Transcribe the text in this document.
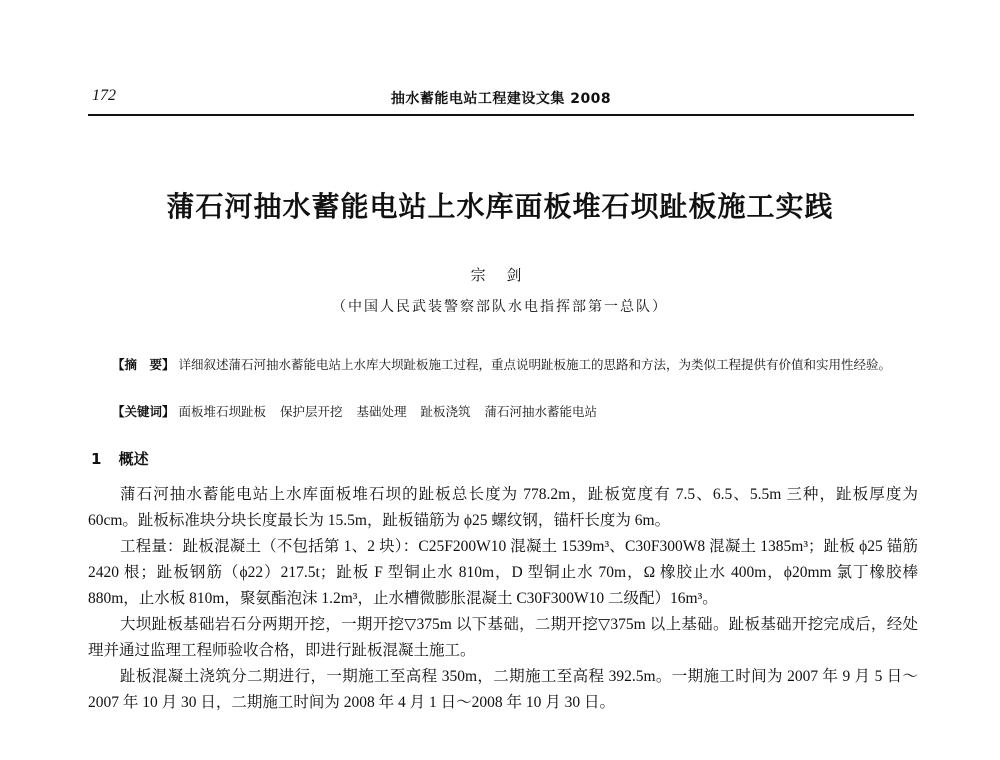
172	抽水蓄能电站工程建设文集 2008
蒲石河抽水蓄能电站上水库面板堆石坝趾板施工实践
宗 剑
（中国人民武装警察部队水电指挥部第一总队）
【摘　要】 详细叙述蒲石河抽水蓄能电站上水库大坝趾板施工过程，重点说明趾板施工的思路和方法，为类似工程提供有价值和实用性经验。
【关键词】 面板堆石坝趾板 保护层开挖 基础处理 趾板浇筑 蒲石河抽水蓄能电站
1 概述

蒲石河抽水蓄能电站上水库面板堆石坝的趾板总长度为 778.2m，趾板宽度有 7.5、6.5、5.5m 三种，趾板厚度为 60cm。趾板标准块分块长度最长为 15.5m，趾板锚筋为 ϕ25 螺纹钢，锚杆长度为 6m。

工程量：趾板混凝土（不包括第 1、2 块）：C25F200W10 混凝土 1539m³、C30F300W8 混凝土 1385m³；趾板 ϕ25 锚筋 2420 根；趾板钢筋（ϕ22）217.5t；趾板 F 型铜止水 810m，D 型铜止水 70m，Ω 橡胶止水 400m，ϕ20mm 氯丁橡胶棒 880m，止水板 810m，聚氨酯泡沫 1.2m³，止水槽微膨胀混凝土 C30F300W10 二级配）16m³。

大坝趾板基础岩石分两期开挖，一期开挖▽375m 以下基础，二期开挖▽375m 以上基础。趾板基础开挖完成后，经处理并通过监理工程师验收合格，即进行趾板混凝土施工。

趾板混凝土浇筑分二期进行，一期施工至高程 350m，二期施工至高程 392.5m。一期施工时间为 2007 年 9 月 5 日～2007 年 10 月 30 日，二期施工时间为 2008 年 4 月 1 日～2008 年 10 月 30 日。
